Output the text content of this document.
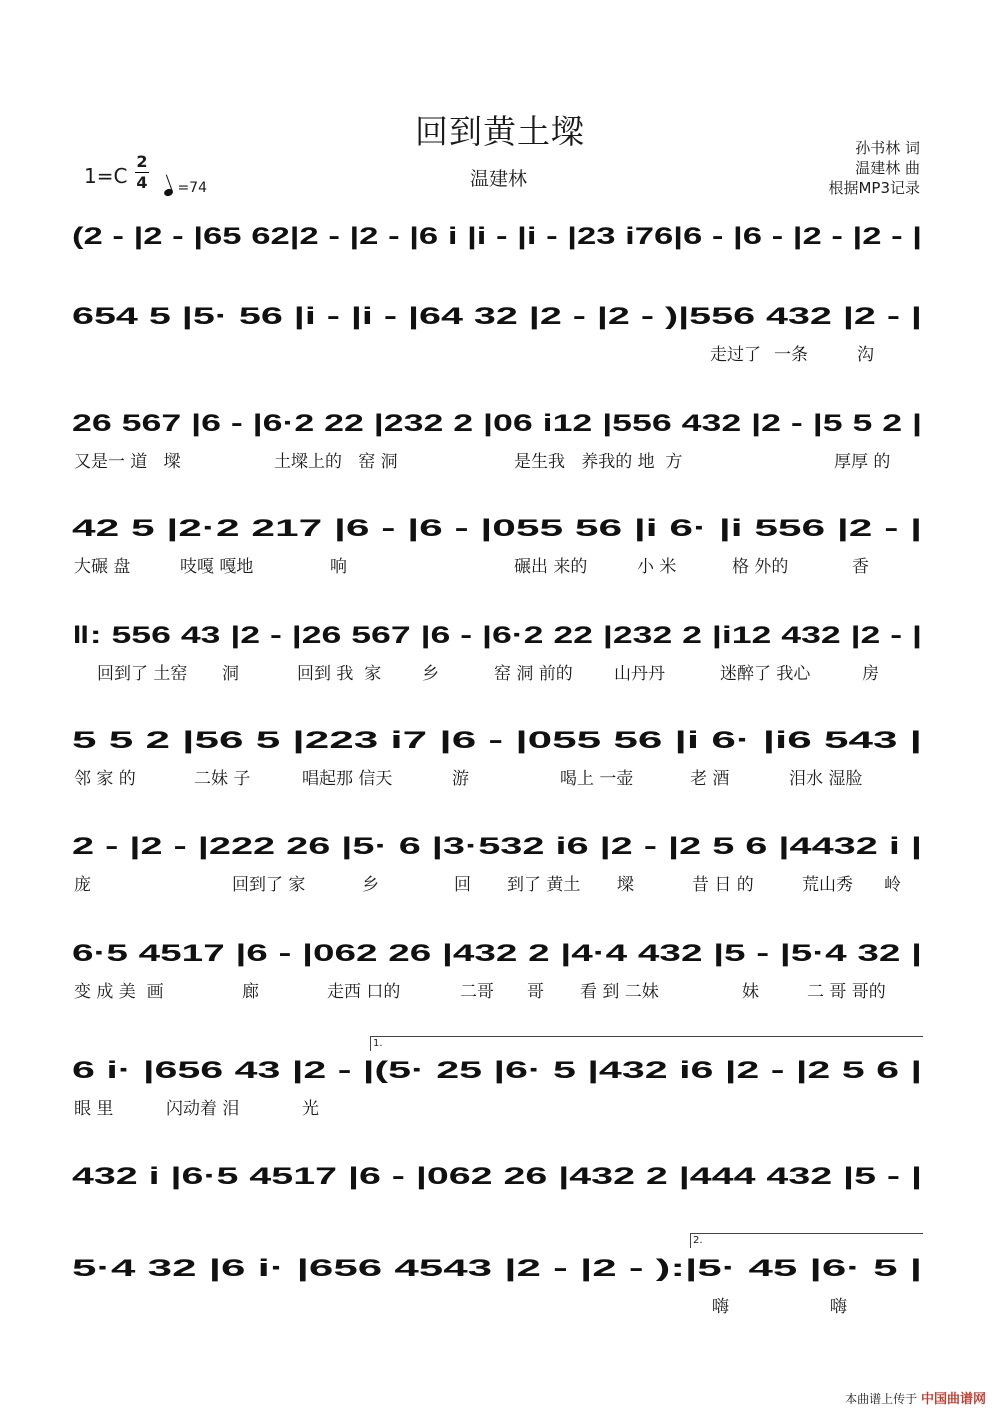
回到黄土墚
温建林
孙书林 词
温建林 曲
根据MP3记录
1=C
2
4	=74
(2 - |2 - |65 62|2 - |2 - |6 i |i - |i - |23 i76|6 - |6 - |2 - |2 - |
654 5 |5· 56 |i - |i - |64 32 |2 - |2 - )|556 432 |2 - |
走过了 一条	沟
26 567 |6 - |6·2 22 |232 2 |06 i12 |556 432 |2 - |5 5 2 |
又是一 道   墚	土墚上的   窑 洞	是生我   养我的 地  方	厚厚 的
42 5 |2·2 217 |6 - |6 - |055 56 |i 6· |i 556 |2 - |
大碾 盘	吱嘎 嘎地	响	碾出 来的	小 米	格 外的	香
‖: 556 43 |2 - |26 567 |6 - |6·2 22 |232 2 |i12 432 |2 - |
回到了 土窑 洞	回到 我  家 乡	窑 洞 前的 山丹丹	迷醉了 我心	房
5 5 2 |56 5 |223 i7 |6 - |055 56 |i 6· |i6 543 |
邻 家 的	二妹 子	唱起那 信天	游	喝上 一壶	老 酒	泪水 湿脸
2 - |2 - |222 26 |5· 6 |3·532 i6 |2 - |2 5 6 |4432 i |
庞	回到了 家	乡	回 到了 黄土 墚	昔 日 的	荒山秀 岭
6·5 4517 |6 - |062 26 |432 2 |4·4 432 |5 - |5·4 32 |
变 成 美  画	廊	走西 口的	二哥 哥 看 到 二妹	妹	二 哥 哥的
6 i· |656 43 |2 - |(5· 25 |6· 5 |432 i6 |2 - |2 5 6 |
眼 里	闪动着 泪	光
432 i |6·5 4517 |6 - |062 26 |432 2 |444 432 |5 - |
5·4 32 |6 i· |656 4543 |2 - |2 - ):|5· 45 |6· 5 |
嗨	嗨
本曲谱上传于 中国曲谱网
1.
2.
